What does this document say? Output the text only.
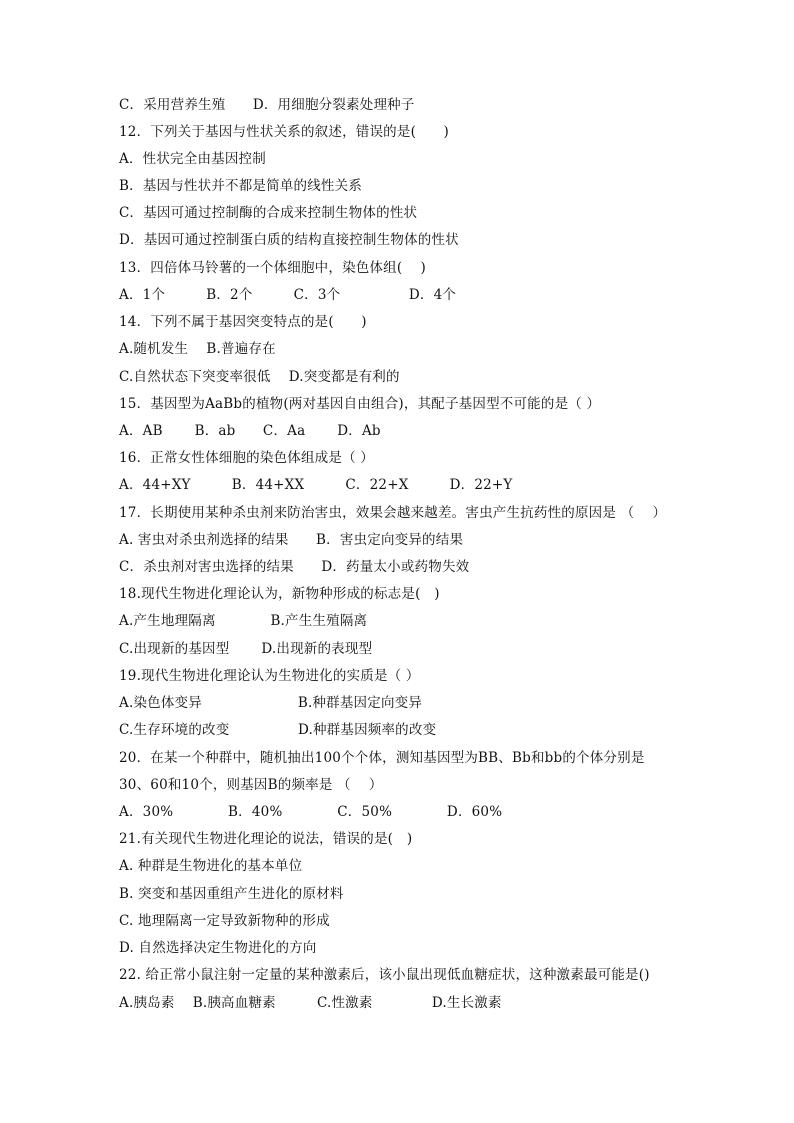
C．采用营养生殖　　D．用细胞分裂素处理种子
12．下列关于基因与性状关系的叙述，错误的是(　　)
A．性状完全由基因控制
B．基因与性状并不都是简单的线性关系
C．基因可通过控制酶的合成来控制生物体的性状
D．基因可通过控制蛋白质的结构直接控制生物体的性状
13．四倍体马铃薯的一个体细胞中，染色体组(　 )
A．1个　　　B．2个　　　C．3个　　　　　D．4个
14．下列不属于基因突变特点的是(　　)
A.随机发生　 B.普遍存在
C.自然状态下突变率很低　 D.突变都是有利的
15．基因型为AaBb的植物(两对基因自由组合)，其配子基因型不可能的是（ ）
A．AB　　 B．ab　　C．Aa　　 D．Ab
16．正常女性体细胞的染色体组成是（ ）
A．44+XY　　　B．44+XX　　　C．22+X　　　D．22+Y
17．长期使用某种杀虫剂来防治害虫，效果会越来越差。害虫产生抗药性的原因是 （　 ）
A. 害虫对杀虫剂选择的结果　　B．害虫定向变异的结果
C．杀虫剂对害虫选择的结果　　D．药量太小或药物失效
18.现代生物进化理论认为，新物种形成的标志是(　)
A.产生地理隔离　　　　B.产生生殖隔离
C.出现新的基因型　　 D.出现新的表现型
19.现代生物进化理论认为生物进化的实质是（ ）
A.染色体变异　　　　　　　B.种群基因定向变异
C.生存环境的改变　　　　　D.种群基因频率的改变
20．在某一个种群中，随机抽出100个个体，测知基因型为BB、Bb和bb的个体分别是
30、60和10个，则基因B的频率是 （　 ）
A．30%　　　　B．40%　　　　C．50%　　　　D．60%
21.有关现代生物进化理论的说法，错误的是(　)
A. 种群是生物进化的基本单位
B. 突变和基因重组产生进化的原材料
C. 地理隔离一定导致新物种的形成
D. 自然选择决定生物进化的方向
22. 给正常小鼠注射一定量的某种激素后，该小鼠出现低血糖症状，这种激素最可能是()
A.胰岛素　 B.胰高血糖素　　　C.性激素　　　　 D.生长激素
